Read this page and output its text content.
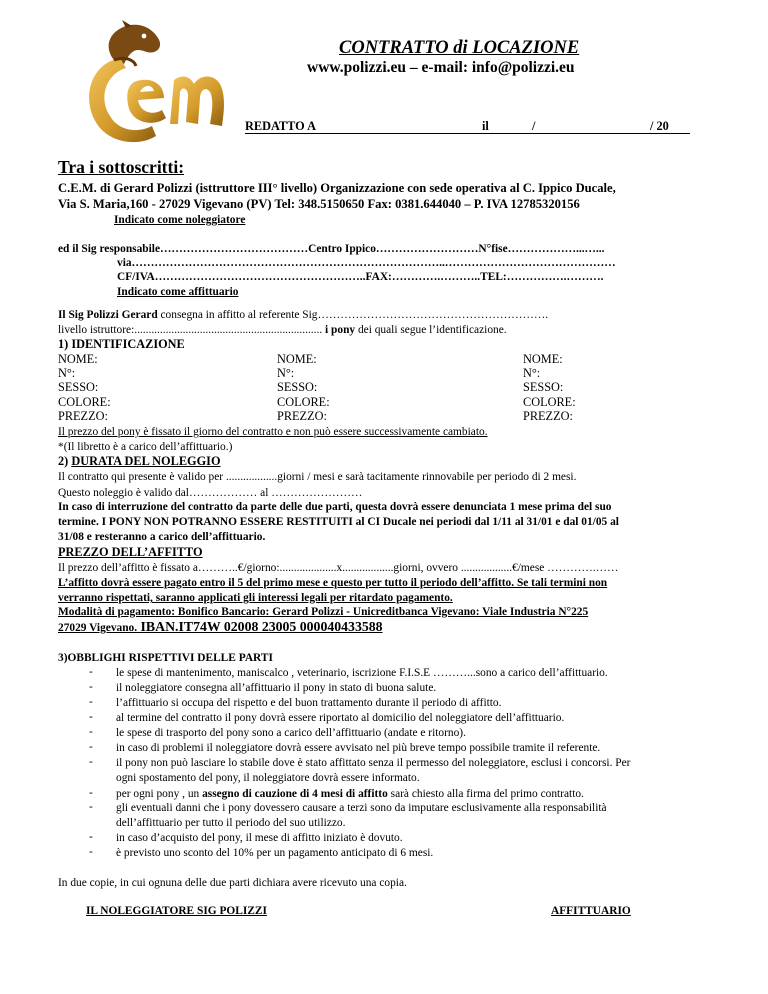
CONTRATTO di LOCAZIONE
www.polizzi.eu – e-mail: info@polizzi.eu
REDATTO A	il	/	/ 20
Tra i sottoscritti:
C.E.M. di Gerard Polizzi (isttruttore III° livello) Organizzazione con sede operativa al C. Ippico Ducale,
Via S. Maria,160 - 27029 Vigevano (PV) Tel: 348.5150650 Fax: 0381.644040 – P. IVA 12785320156
Indicato come noleggiatore
ed il Sig responsabile…………………………………Centro Ippico………………………N°fise………………...…...
via………………………………………………………………………..………………………………………
CF/IVA………………………………………………..FAX:………….………..TEL:…………….……….
Indicato come affittuario
Il Sig Polizzi Gerard consegna in affitto al referente Sig…………………………………………………….
livello istruttore:.................................................................. i pony dei quali segue l’identificazione.
1) IDENTIFICAZIONE
NOME:	NOME:	NOME:
N°:	N°:	N°:
SESSO:	SESSO:	SESSO:
COLORE:	COLORE:	COLORE:
PREZZO:	PREZZO:	PREZZO:
Il prezzo del pony è fissato il giorno del contratto e non può essere successivamente cambiato.
*(Il libretto è a carico dell’affittuario.)
2) DURATA DEL NOLEGGIO
Il contratto qui presente è valido per ..................giorni / mesi e sarà tacitamente rinnovabile per periodo di 2 mesi.
Questo noleggio è valido dal……………… al ……………………
In caso di interruzione del contratto da parte delle due parti, questa dovrà essere denunciata 1 mese prima del suo
termine. I PONY NON POTRANNO ESSERE RESTITUITI al CI Ducale nei periodi dal 1/11 al 31/01 e dal 01/05 al
31/08 e resteranno a carico dell’affittuario.
PREZZO DELL’AFFITTO
Il prezzo dell’affitto è fissato a………..€/giorno:....................x..................giorni, ovvero ..................€/mese ………….……
L’affitto dovrà essere pagato entro il 5 del primo mese e questo per tutto il periodo dell’affitto. Se tali termini non
verranno rispettati, saranno applicati gli interessi legali per ritardato pagamento.
Modalità di pagamento: Bonifico Bancario: Gerard Polizzi - Unicreditbanca Vigevano: Viale Industria N°225
27029 Vigevano. IBAN.IT74W 02008 23005 000040433588
3)OBBLIGHI RISPETTIVI DELLE PARTI
- le spese di mantenimento, maniscalco , veterinario, iscrizione F.I.S.E ………...sono a carico dell’affittuario.
- il noleggiatore consegna all’affittuario il pony in stato di buona salute.
- l’affittuario si occupa del rispetto e del buon trattamento durante il periodo di affitto.
- al termine del contratto il pony dovrà essere riportato al domicilio del noleggiatore dell’affittuario.
- le spese di trasporto del pony sono a carico dell’affittuario (andate e ritorno).
- in caso di problemi il noleggiatore dovrà essere avvisato nel più breve tempo possibile tramite il referente.
- il pony non può lasciare lo stabile dove è stato affittato senza il permesso del noleggiatore, esclusi i concorsi. Per
ogni spostamento del pony, il noleggiatore dovrà essere informato.
- per ogni pony , un assegno di cauzione di 4 mesi di affitto sarà chiesto alla firma del primo contratto.
- gli eventuali danni che i pony dovessero causare a terzi sono da imputare esclusivamente alla responsabilità
dell’affittuario per tutto il periodo del suo utilizzo.
- in caso d’acquisto del pony, il mese di affitto iniziato è dovuto.
- è previsto uno sconto del 10% per un pagamento anticipato di 6 mesi.
In due copie, in cui ognuna delle due parti dichiara avere ricevuto una copia.
IL NOLEGGIATORE SIG POLIZZI	AFFITTUARIO
